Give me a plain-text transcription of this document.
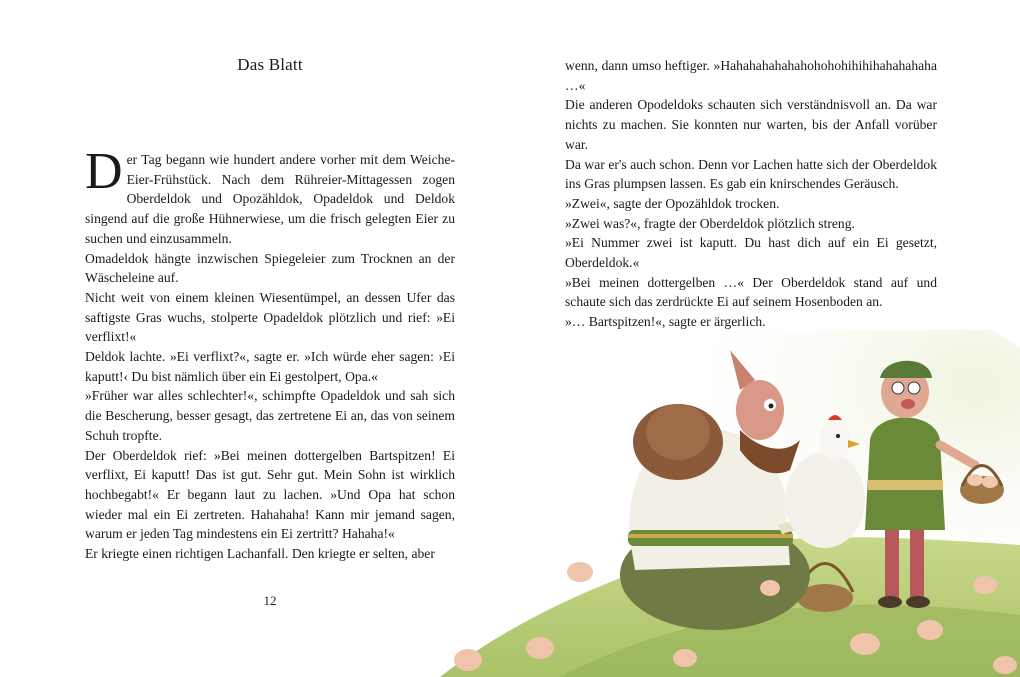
Das Blatt

Der Tag begann wie hundert andere vorher mit dem Weiche-Eier-Frühstück. Nach dem Rühreier-Mittagessen zogen Oberdeldok und Opozähldok, Opadeldok und Deldok singend auf die große Hühnerwiese, um die frisch gelegten Eier zu suchen und einzusammeln.

Omadeldok hängte inzwischen Spiegeleier zum Trocknen an der Wäscheleine auf.

Nicht weit von einem kleinen Wiesentümpel, an dessen Ufer das saftigste Gras wuchs, stolperte Opadeldok plötzlich und rief: »Ei verflixt!«

Deldok lachte. »Ei verflixt?«, sagte er. »Ich würde eher sagen: ›Ei kaputt!‹ Du bist nämlich über ein Ei gestolpert, Opa.«

»Früher war alles schlechter!«, schimpfte Opadeldok und sah sich die Bescherung, besser gesagt, das zertretene Ei an, das von seinem Schuh tropfte.

Der Oberdeldok rief: »Bei meinen dottergelben Bartspitzen! Ei verflixt, Ei kaputt! Das ist gut. Sehr gut. Mein Sohn ist wirklich hochbegabt!« Er begann laut zu lachen. »Und Opa hat schon wieder mal ein Ei zertreten. Hahahaha! Kann mir jemand sagen, warum er jeden Tag mindestens ein Ei zertritt? Hahaha!«

Er kriegte einen richtigen Lachanfall. Den kriegte er selten, aber

12

wenn, dann umso heftiger. »Hahahahahahahohohohihihihahahahaha …«

Die anderen Opodeldoks schauten sich verständnisvoll an. Da war nichts zu machen. Sie konnten nur warten, bis der Anfall vorüber war.

Da war er's auch schon. Denn vor Lachen hatte sich der Oberdeldok ins Gras plumpsen lassen. Es gab ein knirschendes Geräusch.

»Zwei«, sagte der Opozähldok trocken.

»Zwei was?«, fragte der Oberdeldok plötzlich streng.

»Ei Nummer zwei ist kaputt. Du hast dich auf ein Ei gesetzt, Oberdeldok.«

»Bei meinen dottergelben …« Der Oberdeldok stand auf und schaute sich das zerdrückte Ei auf seinem Hosenboden an.

»… Bartspitzen!«, sagte er ärgerlich.
